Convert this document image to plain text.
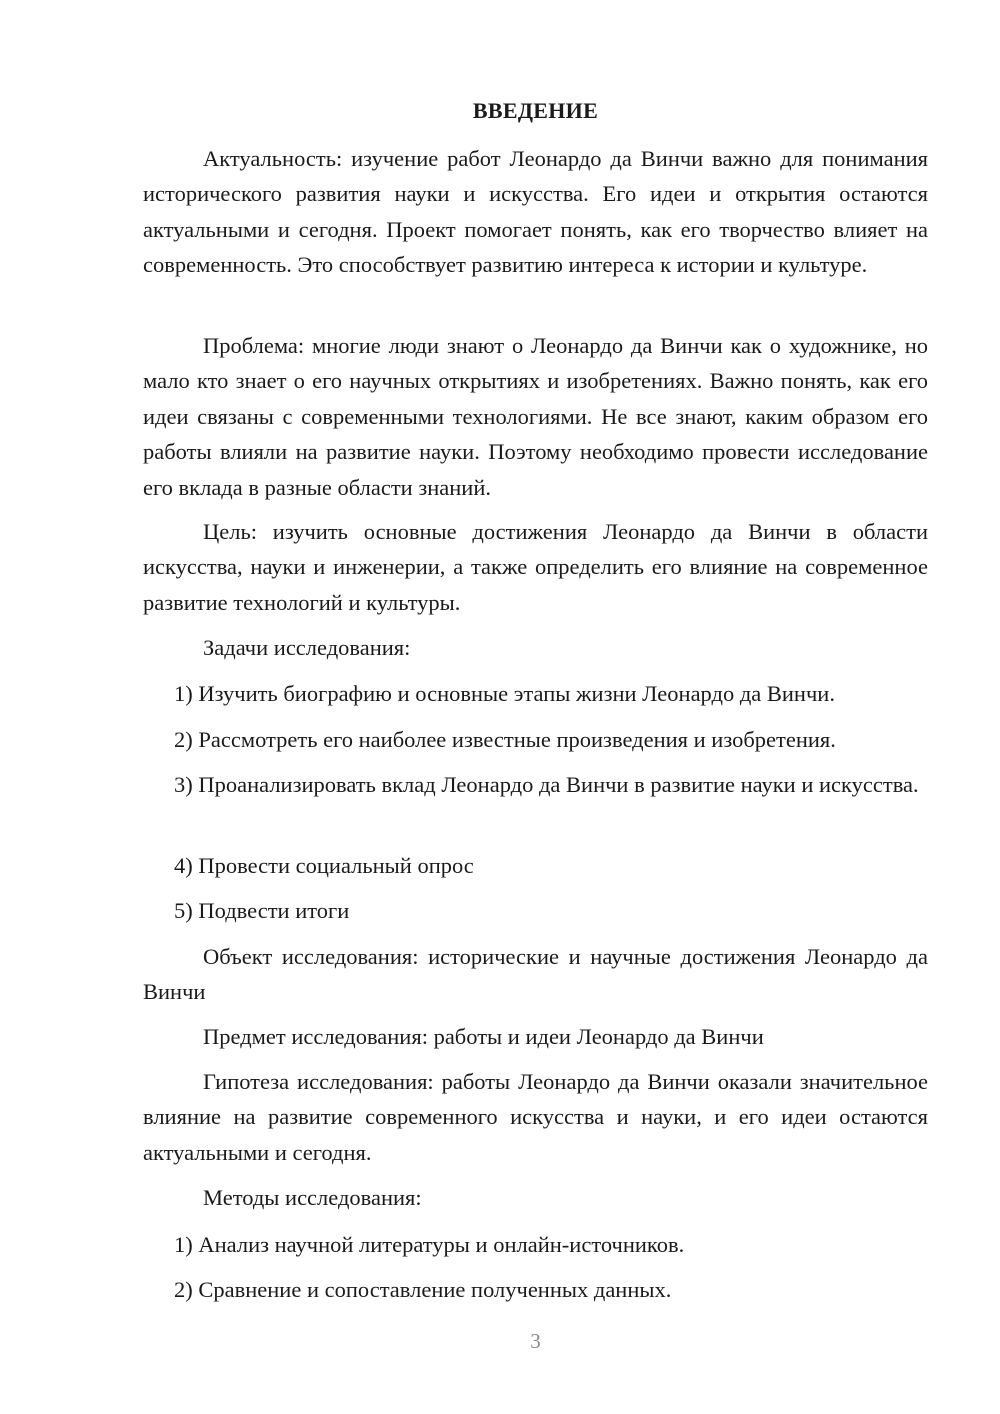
ВВЕДЕНИЕ

Актуальность: изучение работ Леонардо да Винчи важно для понимания исторического развития науки и искусства. Его идеи и открытия остаются актуальными и сегодня. Проект помогает понять, как его творчество влияет на современность. Это способствует развитию интереса к истории и культуре.

Проблема: многие люди знают о Леонардо да Винчи как о художнике, но мало кто знает о его научных открытиях и изобретениях. Важно понять, как его идеи связаны с современными технологиями. Не все знают, каким образом его работы влияли на развитие науки. Поэтому необходимо провести исследование его вклада в разные области знаний.

Цель: изучить основные достижения Леонардо да Винчи в области искусства, науки и инженерии, а также определить его влияние на современное развитие технологий и культуры.

Задачи исследования:

1) Изучить биографию и основные этапы жизни Леонардо да Винчи.

2) Рассмотреть его наиболее известные произведения и изобретения.

3) Проанализировать вклад Леонардо да Винчи в развитие науки и искусства.

4) Провести социальный опрос

5) Подвести итоги

Объект исследования: исторические и научные достижения Леонардо да Винчи

Предмет исследования: работы и идеи Леонардо да Винчи

Гипотеза исследования: работы Леонардо да Винчи оказали значительное влияние на развитие современного искусства и науки, и его идеи остаются актуальными и сегодня.

Методы исследования:

1) Анализ научной литературы и онлайн-источников.

2) Сравнение и сопоставление полученных данных.

3
